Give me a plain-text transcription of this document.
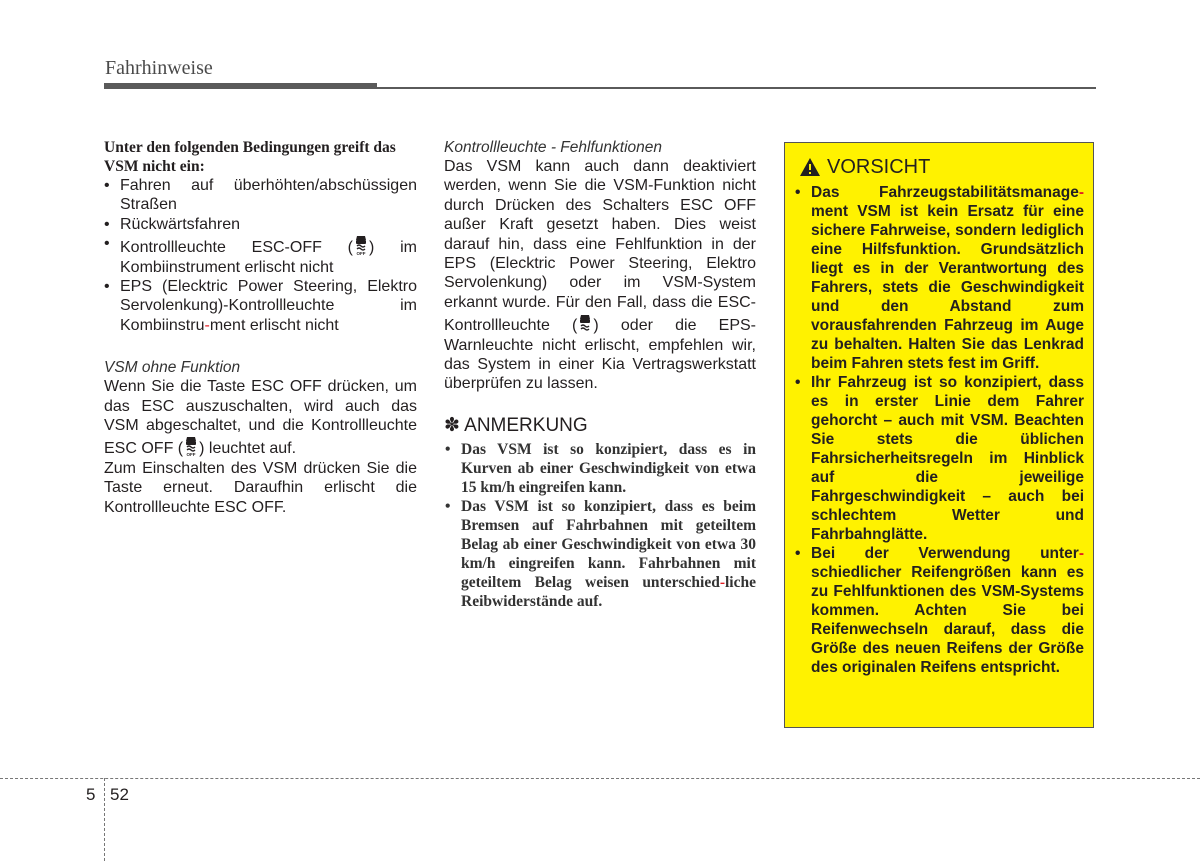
Fahrhinweise

Unter den folgenden Bedingungen greift das VSM nicht ein:

• Fahren auf überhöhten/abschüssigen Straßen
• Rückwärtsfahren
• Kontrollleuchte ESC-OFF ( OFF ) im Kombiinstrument erlischt nicht
• EPS (Elecktric Power Steering, Elektro Servolenkung)-Kontrollleuchte im Kombiinstru-ment erlischt nicht

VSM ohne Funktion

Wenn Sie die Taste ESC OFF drücken, um das ESC auszuschalten, wird auch das VSM abgeschaltet, und die Kontrollleuchte ESC OFF ( OFF ) leuchtet auf.

Zum Einschalten des VSM drücken Sie die Taste erneut. Daraufhin erlischt die Kontrollleuchte ESC OFF.

Kontrollleuchte - Fehlfunktionen

Das VSM kann auch dann deaktiviert werden, wenn Sie die VSM-Funktion nicht durch Drücken des Schalters ESC OFF außer Kraft gesetzt haben. Dies weist darauf hin, dass eine Fehlfunktion in der EPS (Elecktric Power Steering, Elektro Servolenkung) oder im VSM-System erkannt wurde. Für den Fall, dass die ESC-Kontrollleuchte ( ) oder die EPS-Warnleuchte nicht erlischt, empfehlen wir, das System in einer Kia Vertragswerkstatt überprüfen zu lassen.

✽ ANMERKUNG
• Das VSM ist so konzipiert, dass es in Kurven ab einer Geschwindigkeit von etwa 15 km/h eingreifen kann.
• Das VSM ist so konzipiert, dass es beim Bremsen auf Fahrbahnen mit geteiltem Belag ab einer Geschwindigkeit von etwa 30 km/h eingreifen kann. Fahrbahnen mit geteiltem Belag weisen unterschied-liche Reibwiderstände auf.
VORSICHT
• Das Fahrzeugstabilitätsmanage-ment VSM ist kein Ersatz für eine sichere Fahrweise, sondern lediglich eine Hilfsfunktion. Grundsätzlich liegt es in der Verantwortung des Fahrers, stets die Geschwindigkeit und den Abstand zum vorausfahrenden Fahrzeug im Auge zu behalten. Halten Sie das Lenkrad beim Fahren stets fest im Griff.
• Ihr Fahrzeug ist so konzipiert, dass es in erster Linie dem Fahrer gehorcht – auch mit VSM. Beachten Sie stets die üblichen Fahrsicherheitsregeln im Hinblick auf die jeweilige Fahrgeschwindigkeit – auch bei schlechtem Wetter und Fahrbahnglätte.
• Bei der Verwendung unter-schiedlicher Reifengrößen kann es zu Fehlfunktionen des VSM-Systems kommen. Achten Sie bei Reifenwechseln darauf, dass die Größe des neuen Reifens der Größe des originalen Reifens entspricht.
5 52
